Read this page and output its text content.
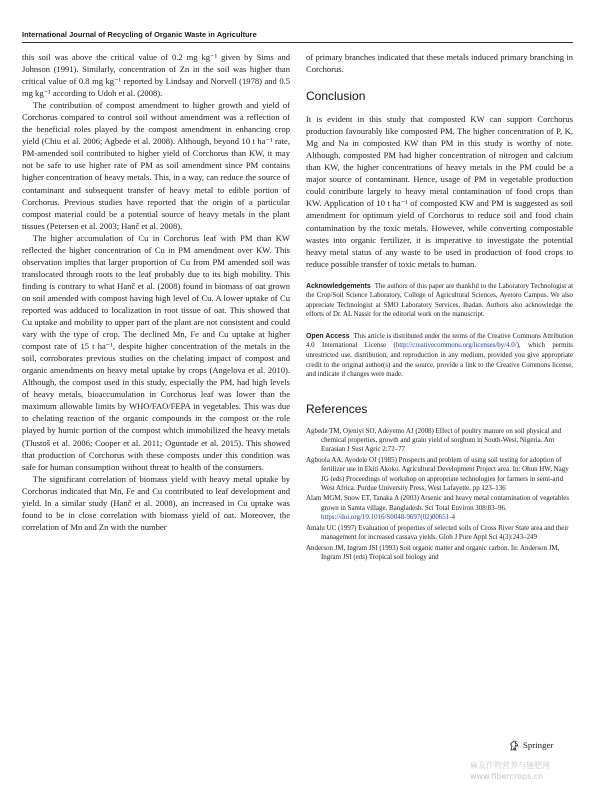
International Journal of Recycling of Organic Waste in Agriculture

this soil was above the critical value of 0.2 mg kg⁻¹ given by Sims and Johnson (1991). Similarly, concentration of Zn in the soil was higher than critical value of 0.8 mg kg⁻¹ reported by Lindsay and Norvell (1978) and 0.5 mg kg⁻¹ according to Udoh et al. (2008).

The contribution of compost amendment to higher growth and yield of Corchorus compared to control soil without amendment was a reflection of the beneficial roles played by the compost amendment in enhancing crop yield (Chiu et al. 2006; Agbede et al. 2008). Although, beyond 10 t ha⁻¹ rate, PM-amended soil contributed to higher yield of Corchorus than KW, it may not be safe to use higher rate of PM as soil amendment since PM contains higher concentration of heavy metals. This, in a way, can reduce the source of contaminant and subsequent transfer of heavy metal to edible portion of Corchorus. Previous studies have reported that the origin of a particular compost material could be a potential source of heavy metals in the plant tissues (Petersen et al. 2003; Hanč et al. 2008).

The higher accumulation of Cu in Corchorus leaf with PM than KW reflected the higher concentration of Cu in PM amendment over KW. This observation implies that larger proportion of Cu from PM amended soil was translocated through roots to the leaf probably due to its high mobility. This finding is contrary to what Hanč et al. (2008) found in biomass of oat grown on soil amended with compost having high level of Cu. A lower uptake of Cu reported was adduced to localization in root tissue of oat. This showed that Cu uptake and mobility to upper part of the plant are not consistent and could vary with the type of crop. The declined Mn, Fe and Cu uptake at higher compost rate of 15 t ha⁻¹, despite higher concentration of the metals in the soil, corroborates previous studies on the chelating impact of compost and organic amendments on heavy metal uptake by crops (Angelova et al. 2010). Although, the compost used in this study, especially the PM, had high levels of heavy metals, bioaccumulation in Corchorus leaf was lower than the maximum allowable limits by WHO/FAO/FEPA in vegetables. This was due to chelating reaction of the organic compounds in the compost or the role played by humic portion of the compost which immobilized the heavy metals (Tlustoš et al. 2006; Cooper et al. 2011; Oguntade et al. 2015). This showed that production of Corchorus with these composts under this condition was safe for human consumption without threat to health of the consumers.

The significant correlation of biomass yield with heavy metal uptake by Corchorus indicated that Mn, Fe and Cu contributed to leaf development and yield. In a similar study (Hanč et al. 2008), an increased in Cu uptake was found to be in close correlation with biomass yield of oat. Moreover, the correlation of Mn and Zn with the number

of primary branches indicated that these metals induced primary branching in Corchorus.

Conclusion

It is evident in this study that composted KW can support Corchorus production favourably like composted PM. The higher concentration of P, K, Mg and Na in composted KW than PM in this study is worthy of note. Although, composted PM had higher concentration of nitrogen and calcium than KW, the higher concentrations of heavy metals in the PM could be a major source of contaminant. Hence, usage of PM in vegetable production could contribute largely to heavy metal contamination of food crops than KW. Application of 10 t ha⁻¹ of composted KW and PM is suggested as soil amendment for optimum yield of Corchorus to reduce soil and food chain contamination by the toxic metals. However, while converting compostable wastes into organic fertilizer, it is imperative to investigate the potential heavy metal status of any waste to be used in production of food crops to reduce possible transfer of toxic metals to human.

Acknowledgements The authors of this paper are thankful to the Laboratory Technologist at the Crop/Soil Science Laboratory, College of Agricultural Sciences, Ayetoro Campus. We also appreciate Technologist at SMO Laboratory Services, Ibadan. Authors also acknowledge the efforts of Dr. AL Nassir for the editorial work on the manuscript.

Open Access This article is distributed under the terms of the Creative Commons Attribution 4.0 International License (http://creativecommons.org/licenses/by/4.0/), which permits unrestricted use, distribution, and reproduction in any medium, provided you give appropriate credit to the original author(s) and the source, provide a link to the Creative Commons license, and indicate if changes were made.

References
Agbede TM, Ojeniyi SO, Adeyemo AJ (2008) Effect of poultry manure on soil physical and chemical properties, growth and grain yield of sorghum in South-West, Nigeria. Am Eurasian J Sust Agric 2:72–77
Agboola AA, Ayodele OJ (1985) Prospects and problem of using soil testing for adoption of fertilizer use in Ekiti Akoko. Agricultural Development Project area. In: Ohun HW, Nagy JG (eds) Proceedings of workshop on appropriate technologies for farmers in semi-arid West Africa. Purdue University Press, West Lafayette, pp 123–136
Alam MGM, Snow ET, Tanaka A (2003) Arsenic and heavy metal contamination of vegetables grown in Samta village, Bangladesh. Sci Total Environ 308:83–96. https://doi.org/10.1016/S0048-9697(02)00651-4
Amalu UC (1997) Evaluation of properties of selected soils of Cross River State area and their management for increased cassava yields. Glob J Pure Appl Sci 4(3):243–249
Anderson JM, Ingram JSI (1993) Soil organic matter and organic carbon. In: Anderson JM, Ingram JSI (eds) Tropical soil biology and
Springer
麻友作物营养与施肥网 www.fibercrops.cn
